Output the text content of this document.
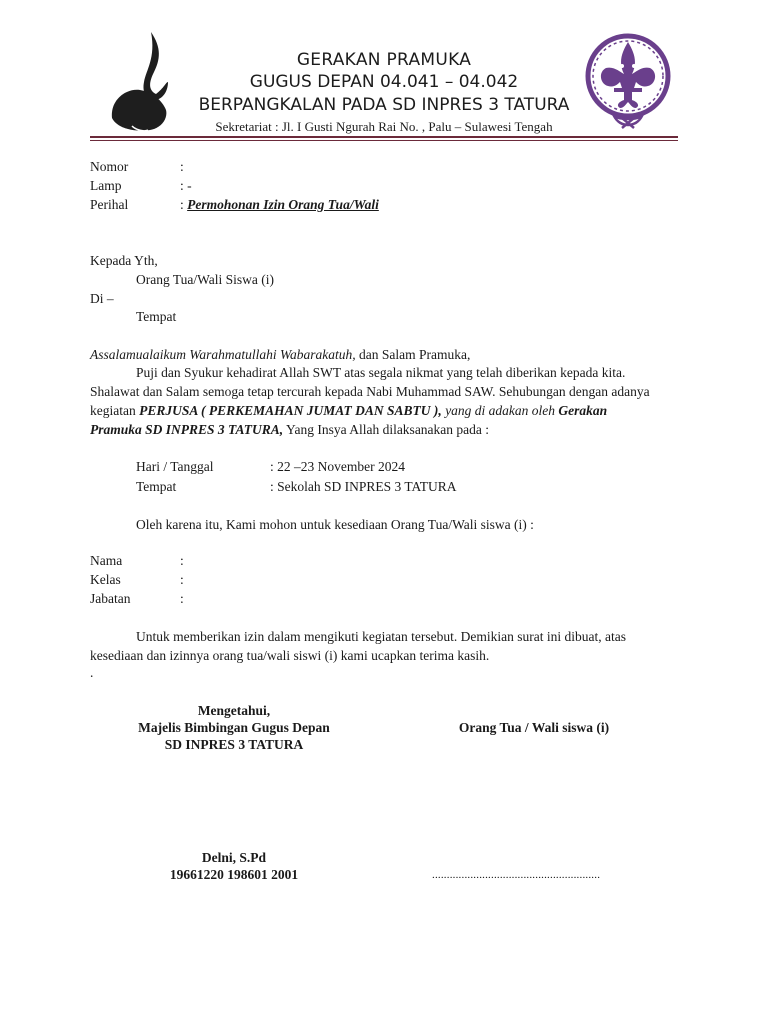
GERAKAN PRAMUKA
GUGUS DEPAN 04.041 – 04.042
BERPANGKALAN PADA SD INPRES 3 TATURA
Sekretariat : Jl. I Gusti Ngurah Rai No. , Palu – Sulawesi Tengah
Nomor	:
Lamp	: -
Perihal	: Permohonan Izin Orang Tua/Wali
Kepada Yth,
Orang Tua/Wali Siswa (i)
Di –
Tempat
Assalamualaikum Warahmatullahi Wabarakatuh, dan Salam Pramuka,
Puji dan Syukur kehadirat Allah SWT atas segala nikmat yang telah diberikan kepada kita.
Shalawat dan Salam semoga tetap tercurah kepada Nabi Muhammad SAW. Sehubungan dengan adanya
kegiatan PERJUSA ( PERKEMAHAN JUMAT DAN SABTU ), yang di adakan oleh Gerakan
Pramuka SD INPRES 3 TATURA, Yang Insya Allah dilaksanakan pada :
Hari / Tanggal	: 22 –23 November 2024
Tempat	: Sekolah SD INPRES 3 TATURA
Oleh karena itu, Kami mohon untuk kesediaan Orang Tua/Wali siswa (i) :
Nama	:
Kelas	:
Jabatan	:
Untuk memberikan izin dalam mengikuti kegiatan tersebut. Demikian surat ini dibuat, atas
kesediaan dan izinnya orang tua/wali siswi (i) kami ucapkan terima kasih.
.
Mengetahui,
Majelis Bimbingan Gugus Depan
SD INPRES 3 TATURA
Orang Tua / Wali siswa (i)
Delni, S.Pd
19661220 198601 2001	.........................................................
